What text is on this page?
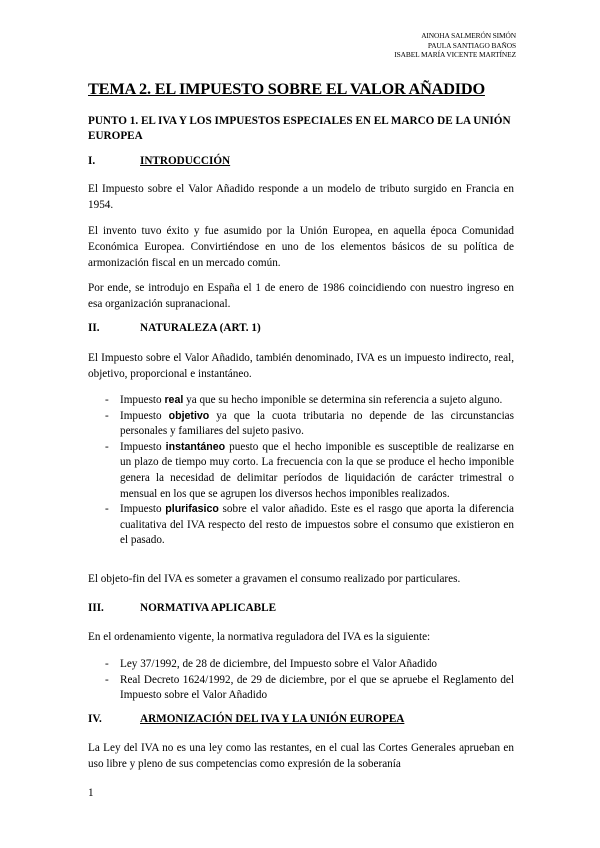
AINOHA SALMERÓN SIMÓN
PAULA SANTIAGO BAÑOS
ISABEL MARÍA VICENTE MARTÍNEZ
TEMA 2. EL IMPUESTO SOBRE EL VALOR AÑADIDO
PUNTO 1. EL IVA Y LOS IMPUESTOS ESPECIALES EN EL MARCO DE LA UNIÓN EUROPEA
I.	INTRODUCCIÓN

El Impuesto sobre el Valor Añadido responde a un modelo de tributo surgido en Francia en 1954.

El invento tuvo éxito y fue asumido por la Unión Europea, en aquella época Comunidad Económica Europea. Convirtiéndose en uno de los elementos básicos de su política de armonización fiscal en un mercado común.

Por ende, se introdujo en España el 1 de enero de 1986 coincidiendo con nuestro ingreso en esa organización supranacional.

II.	NATURALEZA (ART. 1)

El Impuesto sobre el Valor Añadido, también denominado, IVA es un impuesto indirecto, real, objetivo, proporcional e instantáneo.

- Impuesto real ya que su hecho imponible se determina sin referencia a sujeto alguno.
- Impuesto objetivo ya que la cuota tributaria no depende de las circunstancias personales y familiares del sujeto pasivo.
- Impuesto instantáneo puesto que el hecho imponible es susceptible de realizarse en un plazo de tiempo muy corto. La frecuencia con la que se produce el hecho imponible genera la necesidad de delimitar períodos de liquidación de carácter trimestral o mensual en los que se agrupen los diversos hechos imponibles realizados.
- Impuesto plurifasico sobre el valor añadido. Este es el rasgo que aporta la diferencia cualitativa del IVA respecto del resto de impuestos sobre el consumo que existieron en el pasado.

El objeto-fin del IVA es someter a gravamen el consumo realizado por particulares.

III.	NORMATIVA APLICABLE

En el ordenamiento vigente, la normativa reguladora del IVA es la siguiente:

- Ley 37/1992, de 28 de diciembre, del Impuesto sobre el Valor Añadido
- Real Decreto 1624/1992, de 29 de diciembre, por el que se apruebe el Reglamento del Impuesto sobre el Valor Añadido
IV.	ARMONIZACIÓN DEL IVA Y LA UNIÓN EUROPEA

La Ley del IVA no es una ley como las restantes, en el cual las Cortes Generales aprueban en uso libre y pleno de sus competencias como expresión de la soberanía

1
